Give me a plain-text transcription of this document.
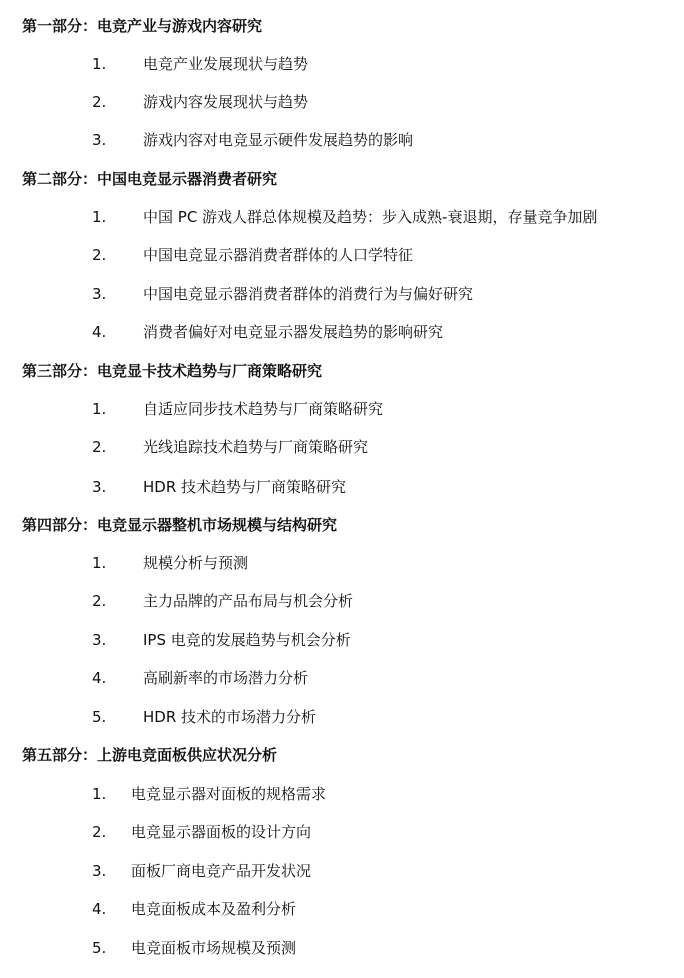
第一部分：电竞产业与游戏内容研究
1. 电竞产业发展现状与趋势
2. 游戏内容发展现状与趋势
3. 游戏内容对电竞显示硬件发展趋势的影响
第二部分：中国电竞显示器消费者研究
1. 中国 PC 游戏人群总体规模及趋势：步入成熟-衰退期，存量竞争加剧
2. 中国电竞显示器消费者群体的人口学特征
3. 中国电竞显示器消费者群体的消费行为与偏好研究
4. 消费者偏好对电竞显示器发展趋势的影响研究
第三部分：电竞显卡技术趋势与厂商策略研究
1. 自适应同步技术趋势与厂商策略研究
2. 光线追踪技术趋势与厂商策略研究
3. HDR 技术趋势与厂商策略研究
第四部分：电竞显示器整机市场规模与结构研究
1. 规模分析与预测
2. 主力品牌的产品布局与机会分析
3. IPS 电竞的发展趋势与机会分析
4. 高刷新率的市场潜力分析
5. HDR 技术的市场潜力分析
第五部分：上游电竞面板供应状况分析
1. 电竞显示器对面板的规格需求
2. 电竞显示器面板的设计方向
3. 面板厂商电竞产品开发状况
4. 电竞面板成本及盈利分析
5. 电竞面板市场规模及预测
